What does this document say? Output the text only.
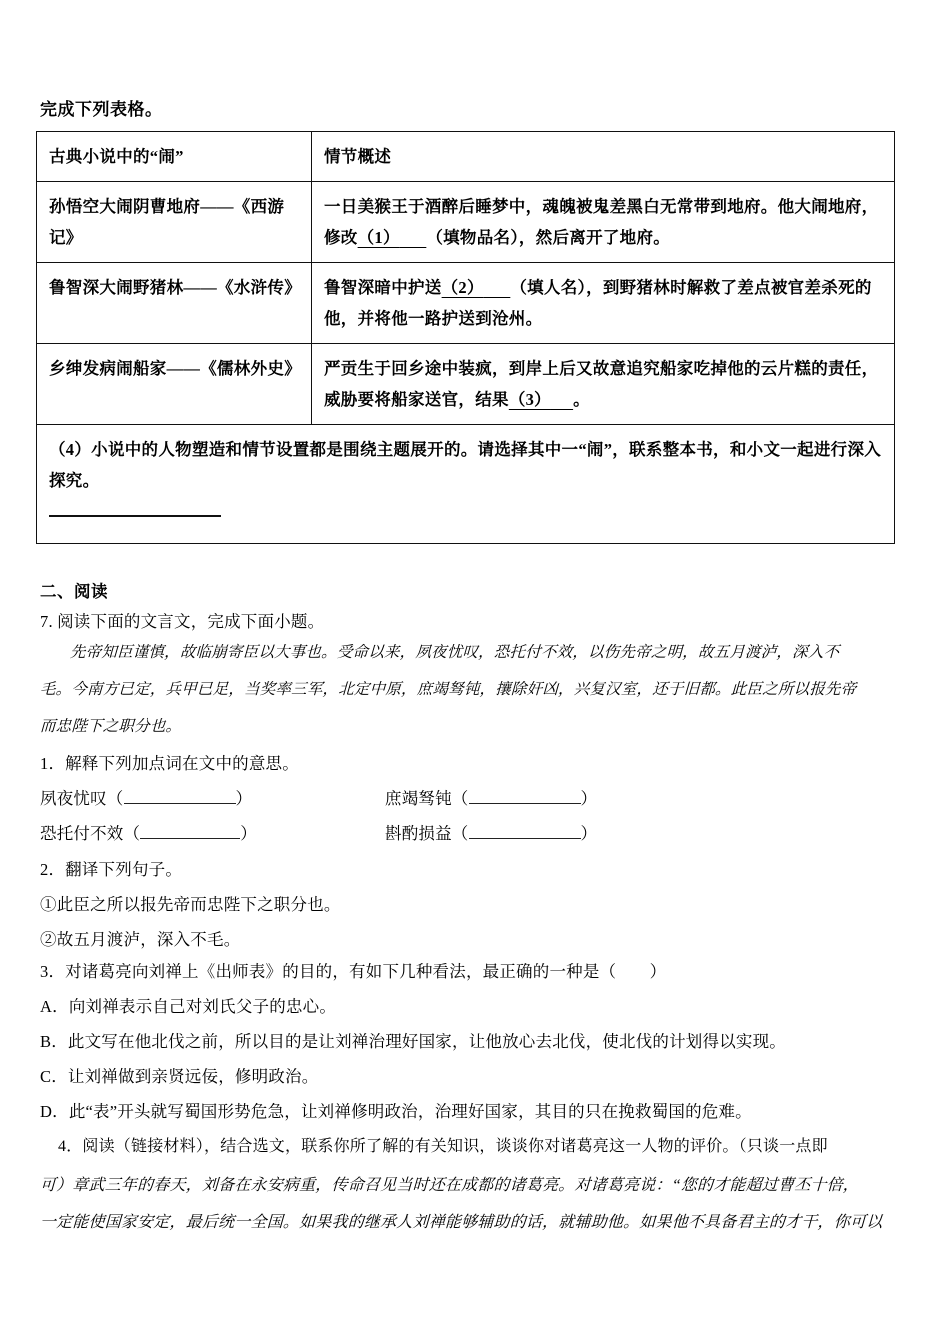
完成下列表格。
古典小说中的“闹”	情节概述

孙悟空大闹阴曹地府——《西游记》	一日美猴王于酒醉后睡梦中，魂魄被鬼差黑白无常带到地府。他大闹地府，修改（1） （填物品名），然后离开了地府。

鲁智深大闹野猪林——《水浒传》	鲁智深暗中护送（2） （填人名），到野猪林时解救了差点被官差杀死的他，并将他一路护送到沧州。

乡绅发病闹船家——《儒林外史》	严贡生于回乡途中装疯，到岸上后又故意追究船家吃掉他的云片糕的责任，威胁要将船家送官，结果（3） 。

（4）小说中的人物塑造和情节设置都是围绕主题展开的。请选择其中一“闹”，联系整本书，和小文一起进行深入探究。	
二、阅读
7. 阅读下面的文言文，完成下面小题。
先帝知臣谨慎，故临崩寄臣以大事也。受命以来，夙夜忧叹，恐托付不效，以伤先帝之明，故五月渡泸，深入不
毛。今南方已定，兵甲已足，当奖率三军，北定中原，庶竭驽钝，攘除奸凶，兴复汉室，还于旧都。此臣之所以报先帝
而忠陛下之职分也。
1．解释下列加点词在文中的意思。
夙夜忧叹（	）	庶竭驽钝（	）
恐托付不效（	）	斟酌损益（	）
2．翻译下列句子。
①此臣之所以报先帝而忠陛下之职分也。
②故五月渡泸，深入不毛。
3．对诸葛亮向刘禅上《出师表》的目的，有如下几种看法，最正确的一种是（　　）
A．向刘禅表示自己对刘氏父子的忠心。
B．此文写在他北伐之前，所以目的是让刘禅治理好国家，让他放心去北伐，使北伐的计划得以实现。
C．让刘禅做到亲贤远佞，修明政治。
D．此“表”开头就写蜀国形势危急，让刘禅修明政治，治理好国家，其目的只在挽救蜀国的危难。
4．阅读（链接材料），结合选文，联系你所了解的有关知识，谈谈你对诸葛亮这一人物的评价。（只谈一点即
可）章武三年的春天，刘备在永安病重，传命召见当时还在成都的诸葛亮。对诸葛亮说：“您的才能超过曹丕十倍，
一定能使国家安定，最后统一全国。如果我的继承人刘禅能够辅助的话，就辅助他。如果他不具备君主的才干，你可以
